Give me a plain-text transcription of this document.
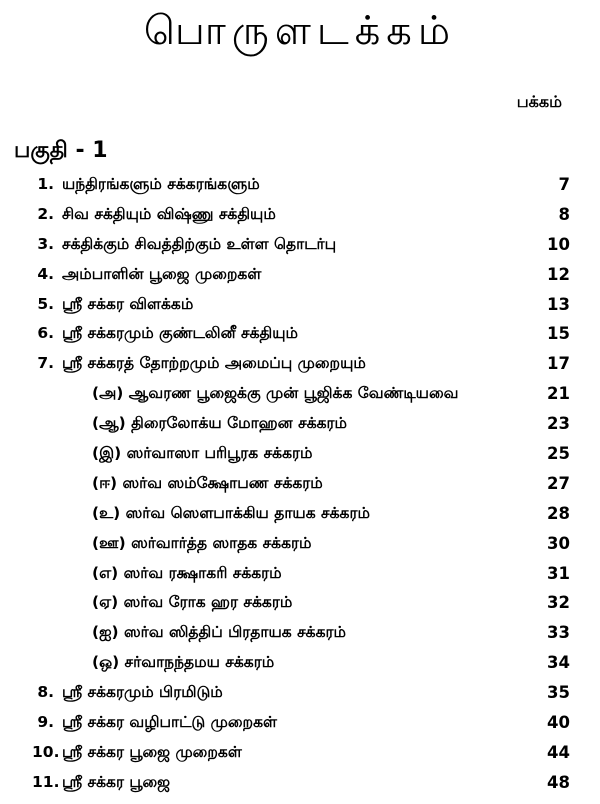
பொருளடக்கம்
பக்கம்
பகுதி - 1
1. யந்திரங்களும் சக்கரங்களும்	7
2. சிவ சக்தியும் விஷ்ணு சக்தியும்	8
3. சக்திக்கும் சிவத்திற்கும் உள்ள தொடர்பு	10
4. அம்பாளின் பூஜை முறைகள்	12
5. ஸ்ரீ சக்கர விளக்கம்	13
6. ஸ்ரீ சக்கரமும் குண்டலினீ சக்தியும்	15
7. ஸ்ரீ சக்கரத் தோற்றமும் அமைப்பு முறையும்	17
(அ) ஆவரண பூஜைக்கு முன் பூஜிக்க வேண்டியவை	21
(ஆ) திரைலோக்ய மோஹன சக்கரம்	23
(இ) ஸர்வாஸா பரிபூரக சக்கரம்	25
(ஈ) ஸர்வ ஸம்க்ஷோபண சக்கரம்	27
(உ) ஸர்வ ஸௌபாக்கிய தாயக சக்கரம்	28
(ஊ) ஸர்வார்த்த ஸாதக சக்கரம்	30
(எ) ஸர்வ ரக்ஷாகரி சக்கரம்	31
(ஏ) ஸர்வ ரோக ஹர சக்கரம்	32
(ஐ) ஸர்வ ஸித்திப் பிரதாயக சக்கரம்	33
(ஒ) சர்வாநந்தமய சக்கரம்	34
8. ஸ்ரீ சக்கரமும் பிரமிடும்	35
9. ஸ்ரீ சக்கர வழிபாட்டு முறைகள்	40
10. ஸ்ரீ சக்கர பூஜை முறைகள்	44
11. ஸ்ரீ சக்கர பூஜை	48
